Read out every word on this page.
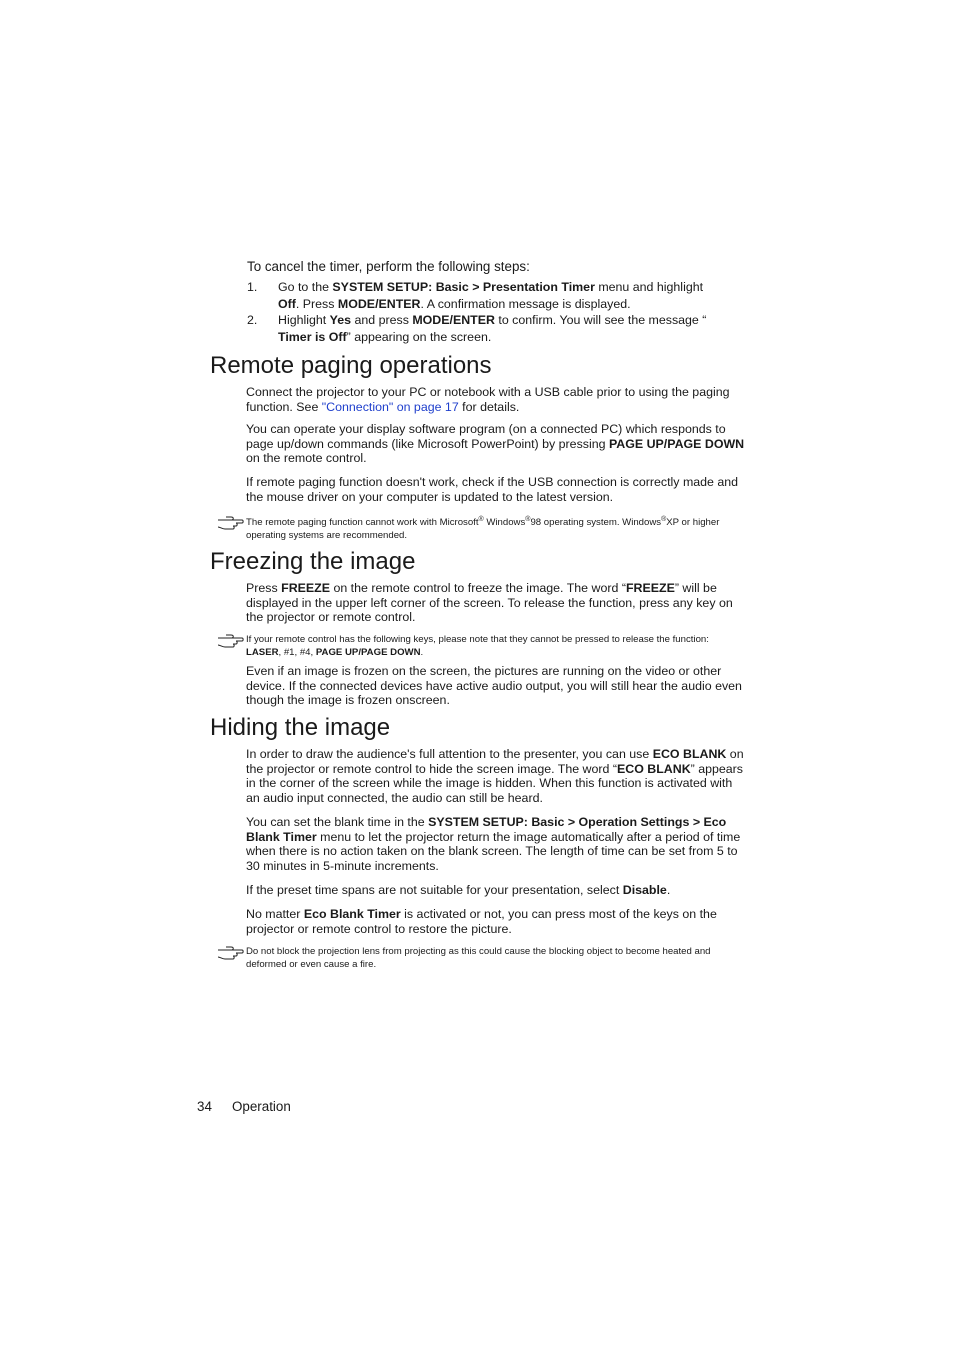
To cancel the timer, perform the following steps:
1. Go to the SYSTEM SETUP: Basic > Presentation Timer menu and highlight
Off. Press MODE/ENTER. A confirmation message is displayed.
2. Highlight Yes and press MODE/ENTER to confirm. You will see the message “
Timer is Off” appearing on the screen.
Remote paging operations
Connect the projector to your PC or notebook with a USB cable prior to using the paging function. See "Connection" on page 17 for details.
You can operate your display software program (on a connected PC) which responds to page up/down commands (like Microsoft PowerPoint) by pressing PAGE UP/PAGE DOWN on the remote control.
If remote paging function doesn't work, check if the USB connection is correctly made and the mouse driver on your computer is updated to the latest version.
The remote paging function cannot work with Microsoft® Windows®98 operating system. Windows®XP or higher operating systems are recommended.
Freezing the image
Press FREEZE on the remote control to freeze the image. The word “FREEZE” will be displayed in the upper left corner of the screen. To release the function, press any key on the projector or remote control.
If your remote control has the following keys, please note that they cannot be pressed to release the function: LASER, #1, #4, PAGE UP/PAGE DOWN.
Even if an image is frozen on the screen, the pictures are running on the video or other device. If the connected devices have active audio output, you will still hear the audio even though the image is frozen onscreen.
Hiding the image
In order to draw the audience's full attention to the presenter, you can use ECO BLANK on the projector or remote control to hide the screen image. The word “ECO BLANK” appears in the corner of the screen while the image is hidden. When this function is activated with an audio input connected, the audio can still be heard.
You can set the blank time in the SYSTEM SETUP: Basic > Operation Settings > Eco Blank Timer menu to let the projector return the image automatically after a period of time when there is no action taken on the blank screen. The length of time can be set from 5 to 30 minutes in 5-minute increments.
If the preset time spans are not suitable for your presentation, select Disable.
No matter Eco Blank Timer is activated or not, you can press most of the keys on the projector or remote control to restore the picture.
Do not block the projection lens from projecting as this could cause the blocking object to become heated and deformed or even cause a fire.
34 Operation
